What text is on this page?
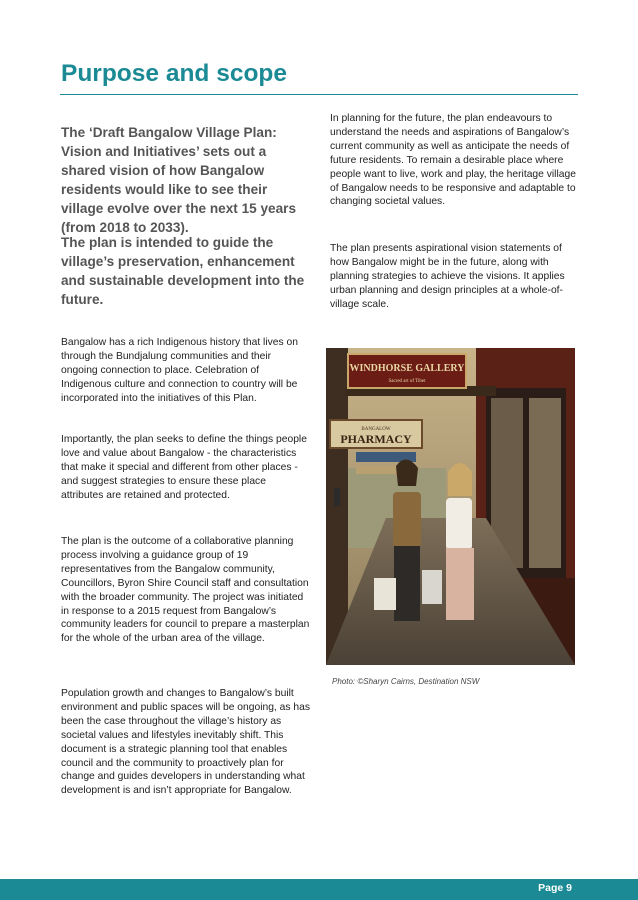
Purpose and scope

The ‘Draft Bangalow Village Plan: Vision and Initiatives’ sets out a shared vision of how Bangalow residents would like to see their village evolve over the next 15 years (from 2018 to 2033).

The plan is intended to guide the village’s preservation, enhancement and sustainable development into the future.

Bangalow has a rich Indigenous history that lives on through the Bundjalung communities and their ongoing connection to place. Celebration of Indigenous culture and connection to country will be incorporated into the initiatives of this Plan.

Importantly, the plan seeks to define the things people love and value about Bangalow - the characteristics that make it special and different from other places - and suggest strategies to ensure these place attributes are retained and protected.

The plan is the outcome of a collaborative planning process involving a guidance group of 19 representatives from the Bangalow community, Councillors, Byron Shire Council staff and consultation with the broader community. The project was initiated in response to a 2015 request from Bangalow’s community leaders for council to prepare a masterplan for the whole of the urban area of the village.

Population growth and changes to Bangalow’s built environment and public spaces will be ongoing, as has been the case throughout the village’s history as societal values and lifestyles inevitably shift. This document is a strategic planning tool that enables council and the community to proactively plan for change and guides developers in understanding what development is and isn’t appropriate for Bangalow.

In planning for the future, the plan endeavours to understand the needs and aspirations of Bangalow’s current community as well as anticipate the needs of future residents. To remain a desirable place where people want to live, work and play, the heritage village of Bangalow needs to be responsive and adaptable to changing societal values.

The plan presents aspirational vision statements of how Bangalow might be in the future, along with planning strategies to achieve the visions. It applies urban planning and design principles at a whole-of-village scale.

WINDHORSE GALLERY
Sacred art of Tibet
BANGALOW
PHARMACY

Photo: ©Sharyn Cairns, Destination NSW

Page 9
